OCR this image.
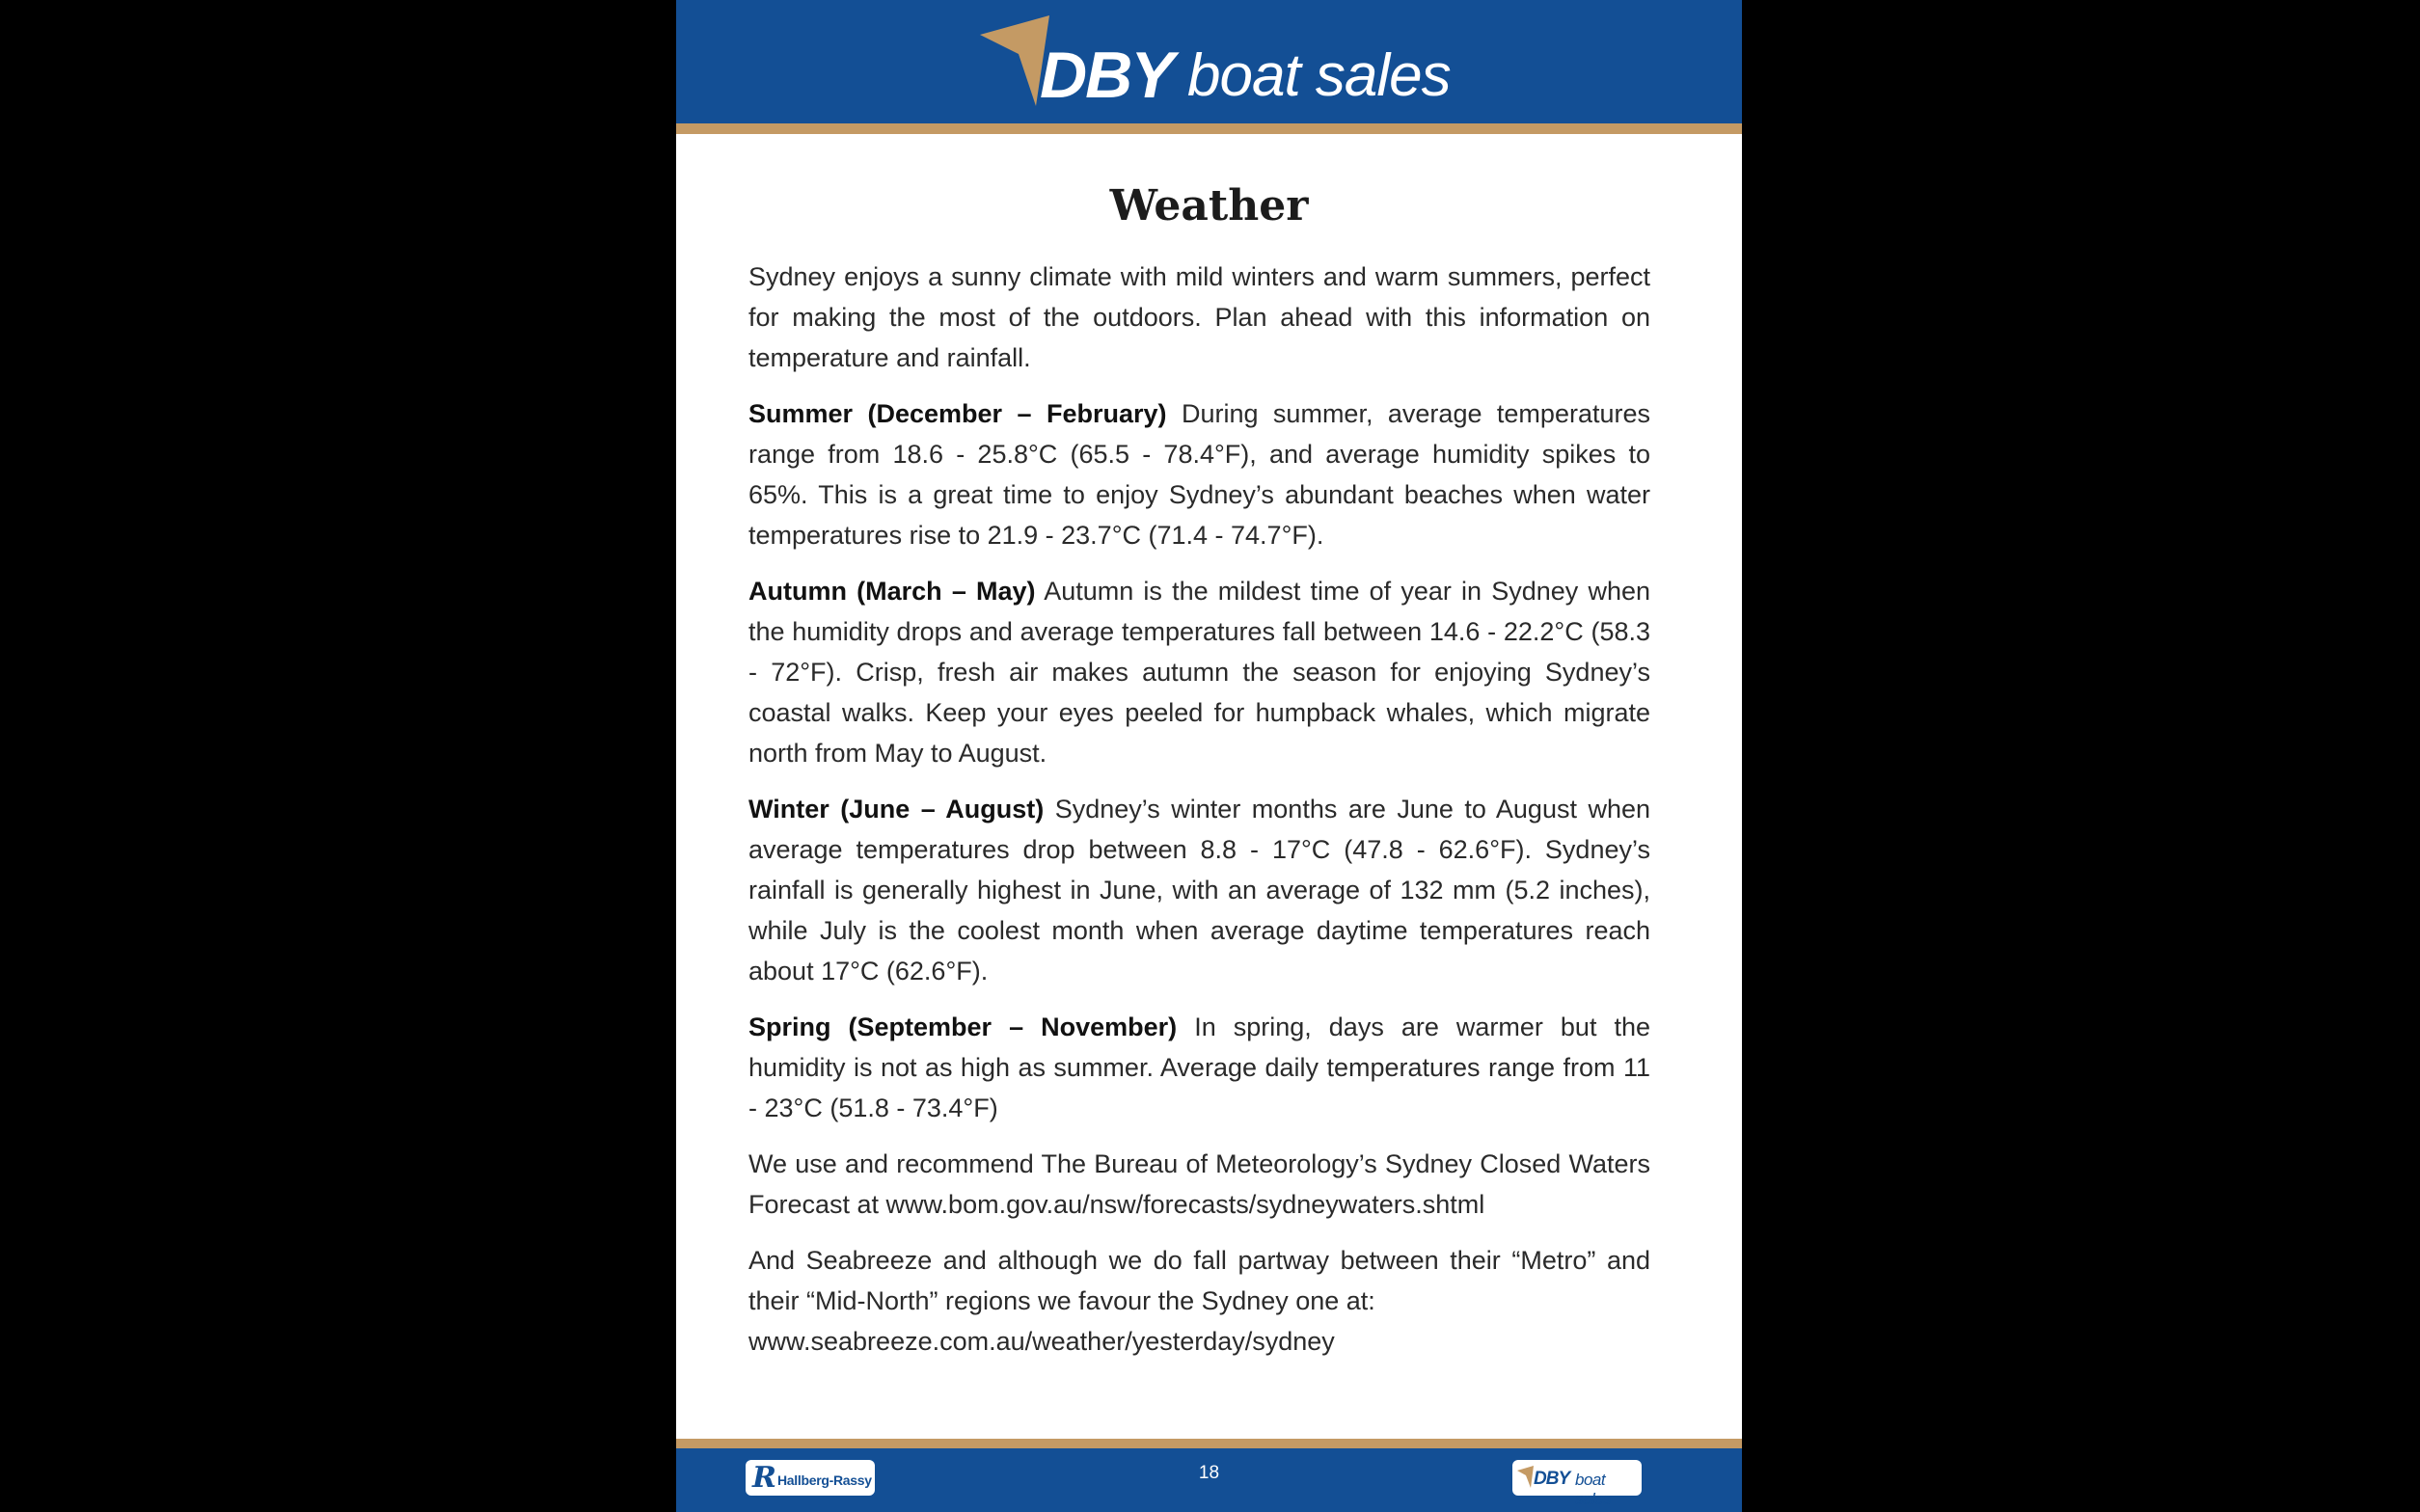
DBY boat sales
Weather

Sydney enjoys a sunny climate with mild winters and warm summers, perfect for making the most of the outdoors. Plan ahead with this information on temperature and rainfall.

Summer (December – February) During summer, average temperatures range from 18.6 - 25.8°C (65.5 - 78.4°F), and average humidity spikes to 65%. This is a great time to enjoy Sydney’s abundant beaches when water temperatures rise to 21.9 - 23.7°C (71.4 - 74.7°F).

Autumn (March – May) Autumn is the mildest time of year in Sydney when the humidity drops and average temperatures fall between 14.6 - 22.2°C (58.3 - 72°F). Crisp, fresh air makes autumn the season for enjoying Sydney’s coastal walks. Keep your eyes peeled for humpback whales, which migrate north from May to August.

Winter (June – August) Sydney’s winter months are June to August when average temperatures drop between 8.8 - 17°C (47.8 - 62.6°F). Sydney’s rainfall is generally highest in June, with an average of 132 mm (5.2 inches), while July is the coolest month when average daytime temperatures reach about 17°C (62.6°F).

Spring (September – November) In spring, days are warmer but the humidity is not as high as summer. Average daily temperatures range from 11 - 23°C (51.8 - 73.4°F)

We use and recommend The Bureau of Meteorology’s Sydney Closed Waters Forecast at www.bom.gov.au/nsw/forecasts/sydneywaters.shtml

And Seabreeze and although we do fall partway between their “Metro” and their “Mid-North” regions we favour the Sydney one at:
www.seabreeze.com.au/weather/yesterday/sydney

R Hallberg-Rassy	18	DBY boat sales
